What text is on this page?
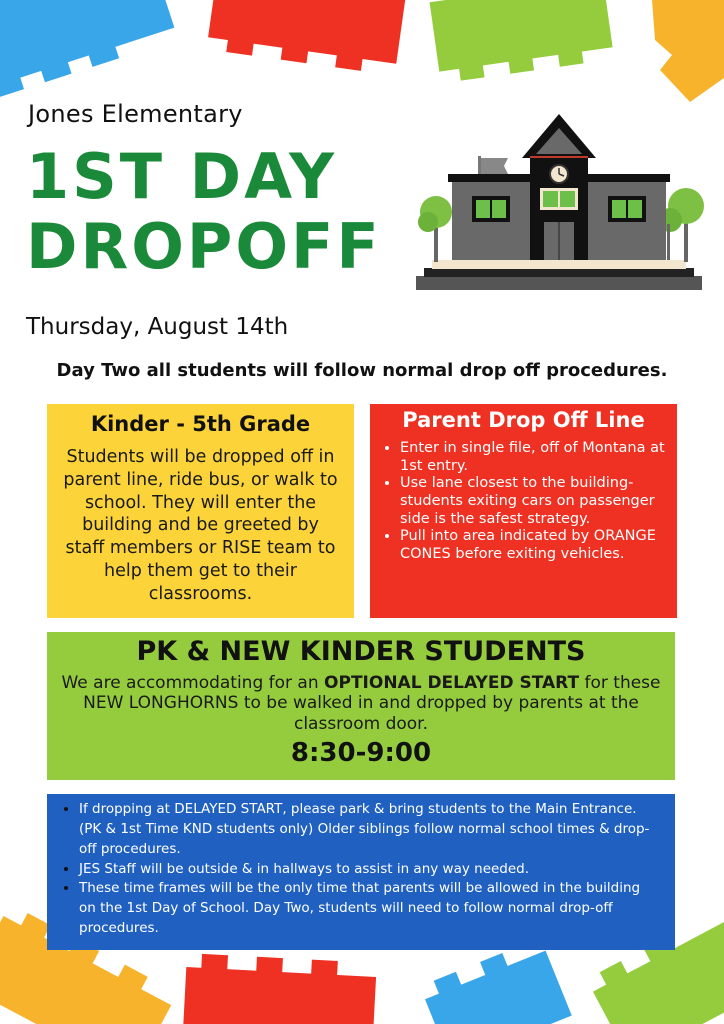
Jones Elementary
1ST DAY
DROPOFF
Thursday, August 14th
Day Two all students will follow normal drop off procedures.
Kinder - 5th Grade

Students will be dropped off in parent line, ride bus, or walk to school. They will enter the building and be greeted by staff members or RISE team to help them get to their classrooms.

Parent Drop Off Line
• Enter in single file, off of Montana at 1st entry.
• Use lane closest to the building-students exiting cars on passenger side is the safest strategy.
• Pull into area indicated by ORANGE CONES before exiting vehicles.
PK & NEW KINDER STUDENTS

We are accommodating for an OPTIONAL DELAYED START for these NEW LONGHORNS to be walked in and dropped by parents at the classroom door.

8:30-9:00
• If dropping at DELAYED START, please park & bring students to the Main Entrance. (PK & 1st Time KND students only) Older siblings follow normal school times & drop-off procedures.
• JES Staff will be outside & in hallways to assist in any way needed.
• These time frames will be the only time that parents will be allowed in the building on the 1st Day of School. Day Two, students will need to follow normal drop-off procedures.
